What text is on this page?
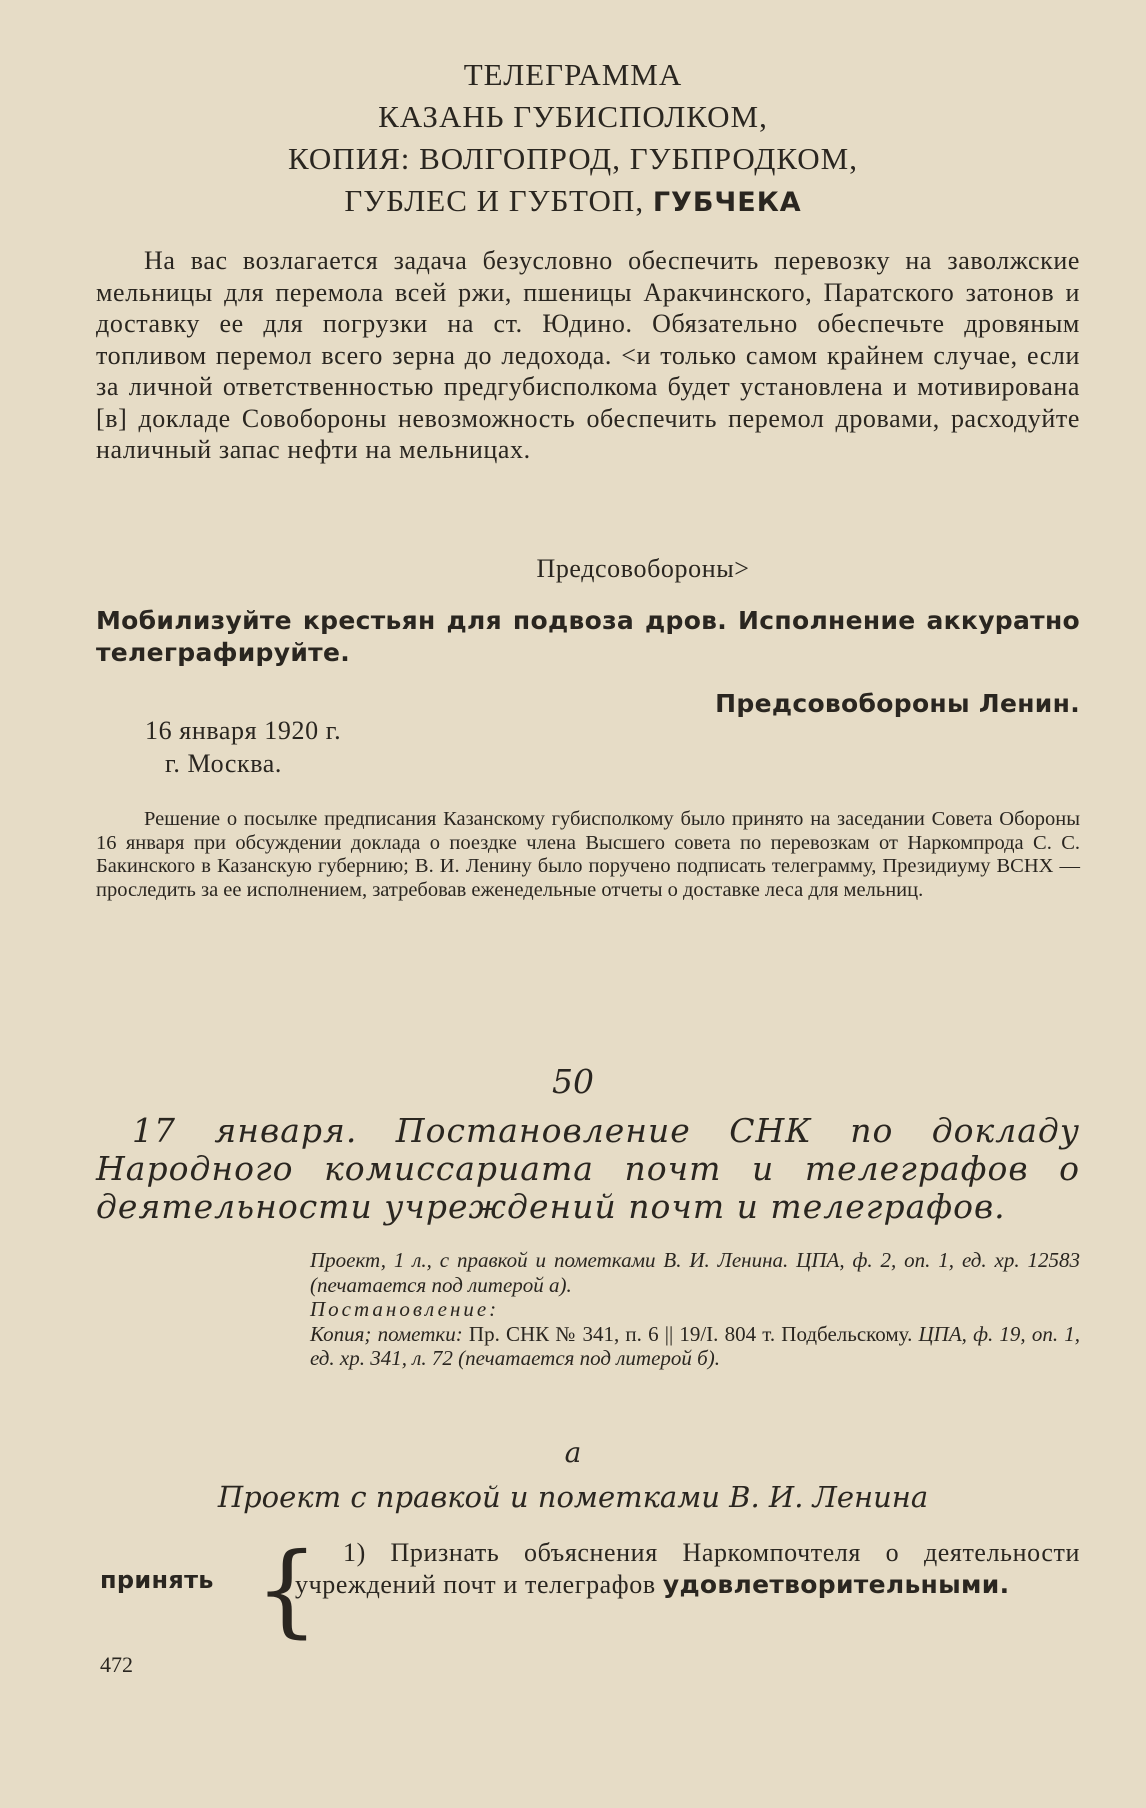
ТЕЛЕГРАММА
КАЗАНЬ ГУБИСПОЛКОМ,
КОПИЯ: ВОЛГОПРОД, ГУБПРОДКОМ,
ГУБЛЕС И ГУБТОП, ГУБЧЕКА
На вас возлагается задача безусловно обеспечить перевозку на заволжские мельницы для перемола всей ржи, пшеницы Аракчинского, Паратского затонов и доставку ее для погрузки на ст. Юдино. Обязательно обеспечьте дровяным топливом перемол всего зерна до ледохода. <и только самом крайнем случае, если за личной ответственностью предгубисполкома будет установлена и мотивирована [в] докладе Совобороны невозможность обеспечить перемол дровами, расходуйте наличный запас нефти на мельницах.
Предсовобороны>
Мобилизуйте крестьян для подвоза дров. Исполнение аккуратно телеграфируйте.
Предсовобороны Ленин.
16 января 1920 г.
г. Москва.
Решение о посылке предписания Казанскому губисполкому было принято на заседании Совета Обороны 16 января при обсуждении доклада о поездке члена Высшего совета по перевозкам от Наркомпрода С. С. Бакинского в Казанскую губернию; В. И. Ленину было поручено подписать телеграмму, Президиуму ВСНХ — проследить за ее исполнением, затребовав еженедельные отчеты о доставке леса для мельниц.
50
17 января. Постановление СНК по докладу Народного комиссариата почт и телеграфов о деятельности учреждений почт и телеграфов.
Проект, 1 л., с правкой и пометками В. И. Ленина. ЦПА, ф. 2, оп. 1, ед. хр. 12583 (печатается под литерой а).
Постановление:
Копия; пометки: Пр. СНК № 341, п. 6 || 19/I. 804 т. Подбельскому. ЦПА, ф. 19, оп. 1, ед. хр. 341, л. 72 (печатается под литерой б).
а
Проект с правкой и пометками В. И. Ленина
принять { 1) Признать объяснения Наркомпочтеля о деятельности учреждений почт и телеграфов удовлетворительными.
472
